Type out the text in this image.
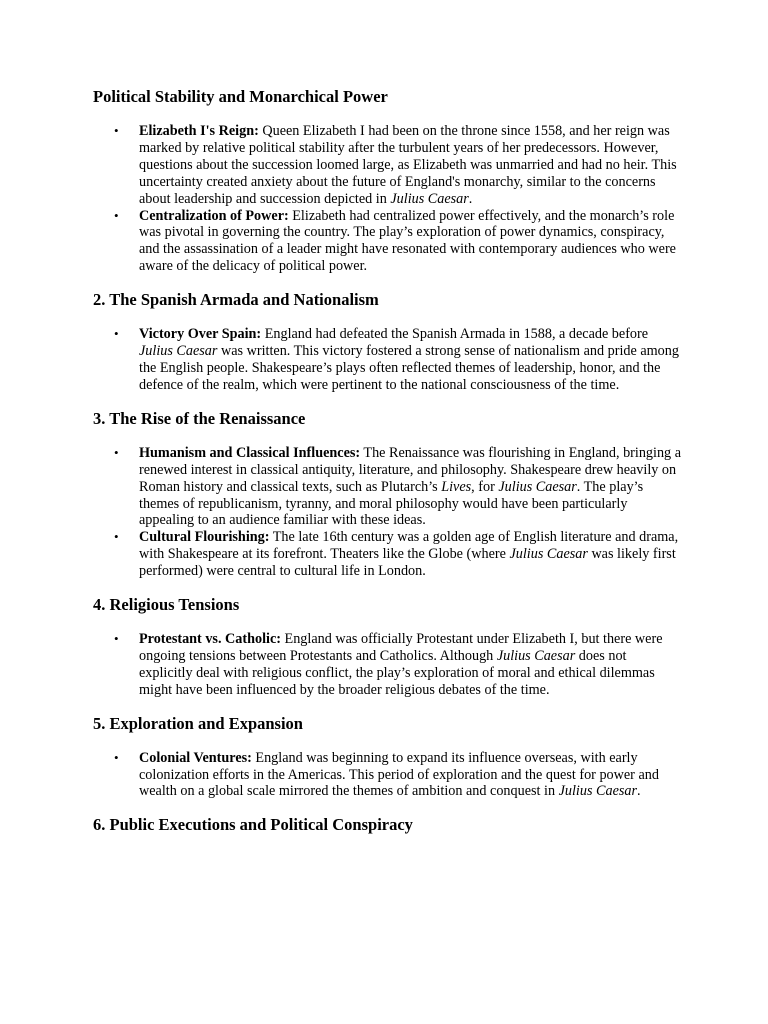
Political Stability and Monarchical Power
• Elizabeth I's Reign: Queen Elizabeth I had been on the throne since 1558, and her reign was marked by relative political stability after the turbulent years of her predecessors. However, questions about the succession loomed large, as Elizabeth was unmarried and had no heir. This uncertainty created anxiety about the future of England's monarchy, similar to the concerns about leadership and succession depicted in Julius Caesar.
• Centralization of Power: Elizabeth had centralized power effectively, and the monarch’s role was pivotal in governing the country. The play’s exploration of power dynamics, conspiracy, and the assassination of a leader might have resonated with contemporary audiences who were aware of the delicacy of political power.
2. The Spanish Armada and Nationalism
• Victory Over Spain: England had defeated the Spanish Armada in 1588, a decade before Julius Caesar was written. This victory fostered a strong sense of nationalism and pride among the English people. Shakespeare’s plays often reflected themes of leadership, honor, and the defence of the realm, which were pertinent to the national consciousness of the time.
3. The Rise of the Renaissance
• Humanism and Classical Influences: The Renaissance was flourishing in England, bringing a renewed interest in classical antiquity, literature, and philosophy. Shakespeare drew heavily on Roman history and classical texts, such as Plutarch’s Lives, for Julius Caesar. The play’s themes of republicanism, tyranny, and moral philosophy would have been particularly appealing to an audience familiar with these ideas.
• Cultural Flourishing: The late 16th century was a golden age of English literature and drama, with Shakespeare at its forefront. Theaters like the Globe (where Julius Caesar was likely first performed) were central to cultural life in London.
4. Religious Tensions
• Protestant vs. Catholic: England was officially Protestant under Elizabeth I, but there were ongoing tensions between Protestants and Catholics. Although Julius Caesar does not explicitly deal with religious conflict, the play’s exploration of moral and ethical dilemmas might have been influenced by the broader religious debates of the time.
5. Exploration and Expansion
• Colonial Ventures: England was beginning to expand its influence overseas, with early colonization efforts in the Americas. This period of exploration and the quest for power and wealth on a global scale mirrored the themes of ambition and conquest in Julius Caesar.
6. Public Executions and Political Conspiracy
